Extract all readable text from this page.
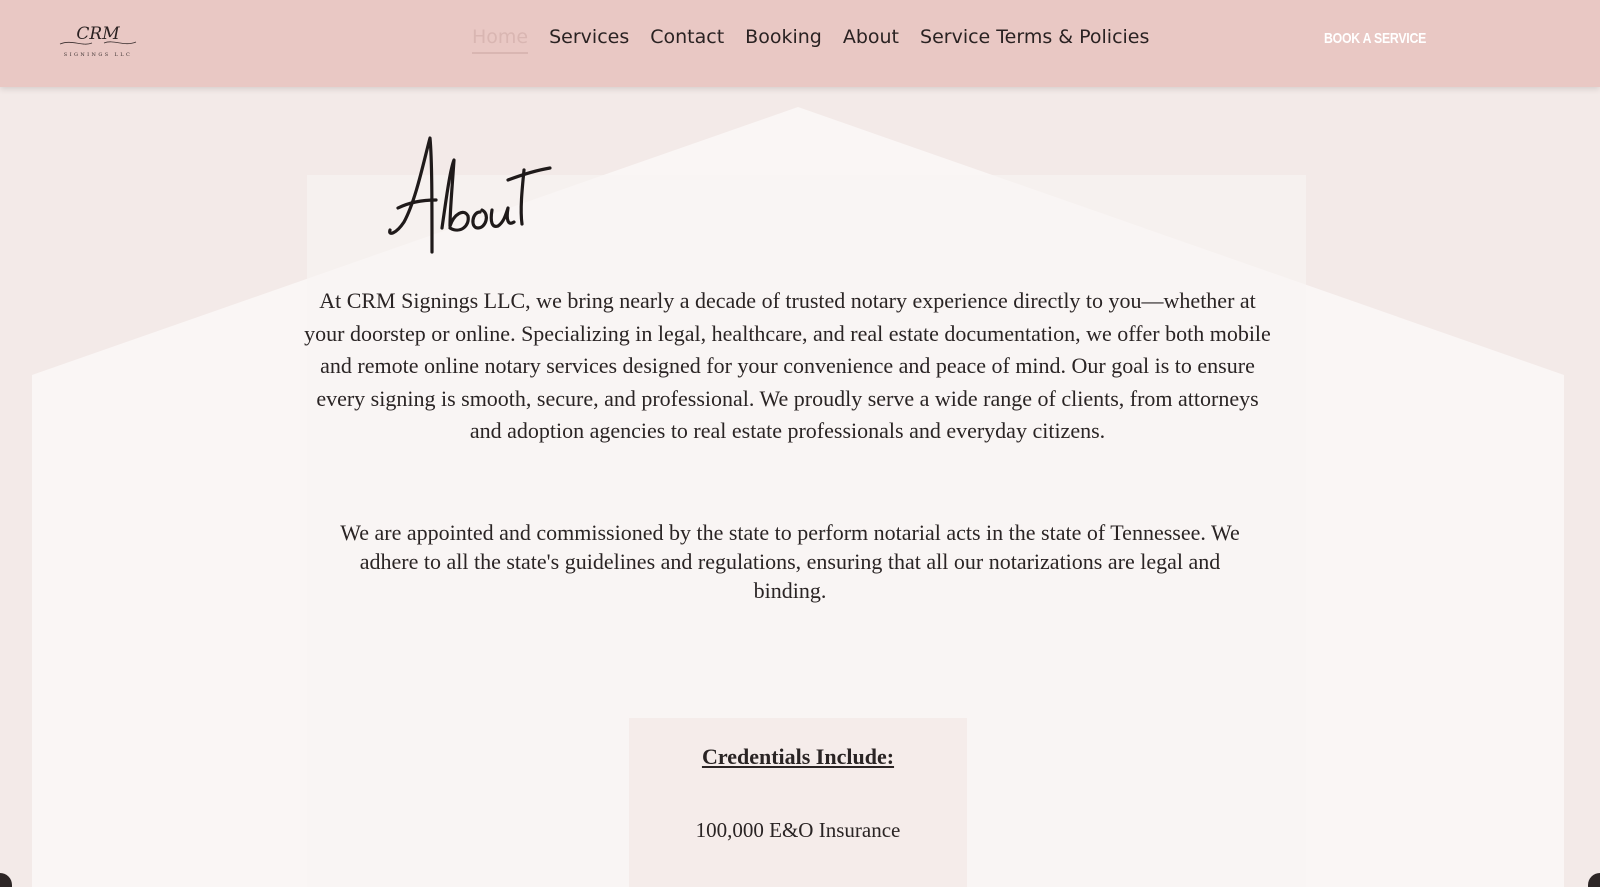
CRM
SIGNINGS LLC
Home Services Contact Booking About Service Terms & Policies	BOOK A SERVICE

At CRM Signings LLC, we bring nearly a decade of trusted notary experience directly to you—whether at your doorstep or online. Specializing in legal, healthcare, and real estate documentation, we offer both mobile and remote online notary services designed for your convenience and peace of mind. Our goal is to ensure every signing is smooth, secure, and professional. We proudly serve a wide range of clients, from attorneys and adoption agencies to real estate professionals and everyday citizens.

We are appointed and commissioned by the state to perform notarial acts in the state of Tennessee. We adhere to all the state's guidelines and regulations, ensuring that all our notarizations are legal and binding.

Credentials Include:
100,000 E&O Insurance
